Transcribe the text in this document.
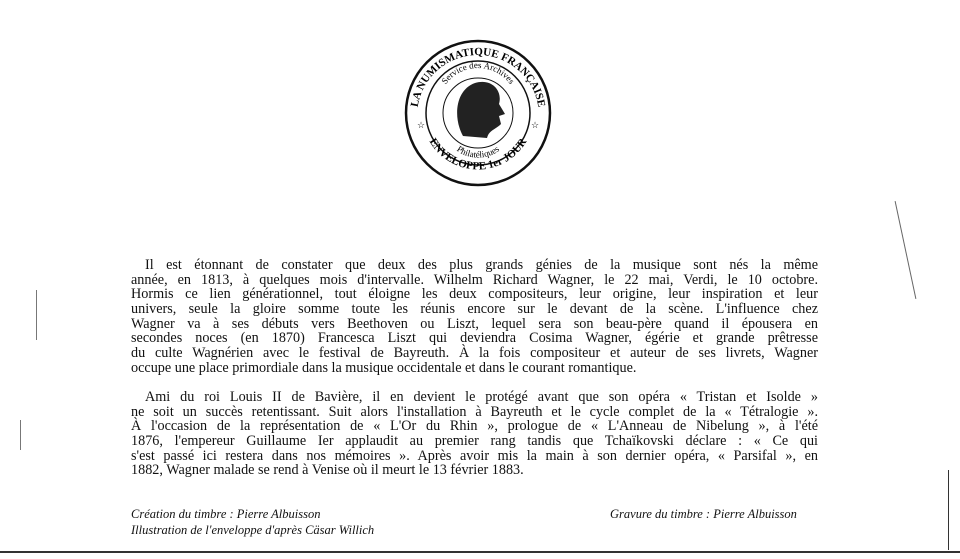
LA NUMISMATIQUE FRANÇAISE
ENVELOPPE 1er JOUR
Service des Archives
Philatéliques
☆	☆
Il est étonnant de constater que deux des plus grands génies de la musique sont nés la même
année, en 1813, à quelques mois d'intervalle. Wilhelm Richard Wagner, le 22 mai, Verdi, le 10 octobre.
Hormis ce lien générationnel, tout éloigne les deux compositeurs, leur origine, leur inspiration et leur
univers, seule la gloire somme toute les réunis encore sur le devant de la scène. L'influence chez
Wagner va à ses débuts vers Beethoven ou Liszt, lequel sera son beau-père quand il épousera en
secondes noces (en 1870) Francesca Liszt qui deviendra Cosima Wagner, égérie et grande prêtresse
du culte Wagnérien avec le festival de Bayreuth. À la fois compositeur et auteur de ses livrets, Wagner
occupe une place primordiale dans la musique occidentale et dans le courant romantique.
Ami du roi Louis II de Bavière, il en devient le protégé avant que son opéra « Tristan et Isolde »
ne soit un succès retentissant. Suit alors l'installation à Bayreuth et le cycle complet de la « Tétralogie ».
À l'occasion de la représentation de « L'Or du Rhin », prologue de « L'Anneau de Nibelung », à l'été
1876, l'empereur Guillaume Ier applaudit au premier rang tandis que Tchaïkovski déclare : « Ce qui
s'est passé ici restera dans nos mémoires ». Après avoir mis la main à son dernier opéra, « Parsifal », en
1882, Wagner malade se rend à Venise où il meurt le 13 février 1883.
Création du timbre : Pierre Albuisson
Illustration de l'enveloppe d'après Cäsar Willich
Gravure du timbre : Pierre Albuisson
